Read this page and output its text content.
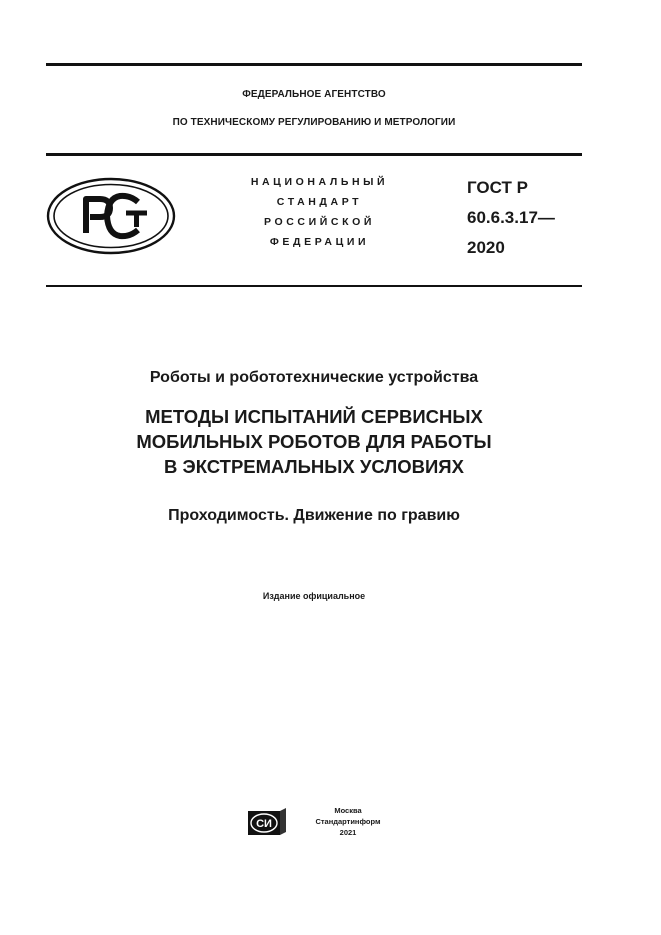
ФЕДЕРАЛЬНОЕ АГЕНТСТВО
ПО ТЕХНИЧЕСКОМУ РЕГУЛИРОВАНИЮ И МЕТРОЛОГИИ
НАЦИОНАЛЬНЫЙ
СТАНДАРТ
РОССИЙСКОЙ
ФЕДЕРАЦИИ
ГОСТ Р
60.6.3.17—
2020
Роботы и робототехнические устройства
МЕТОДЫ ИСПЫТАНИЙ СЕРВИСНЫХ
МОБИЛЬНЫХ РОБОТОВ ДЛЯ РАБОТЫ
В ЭКСТРЕМАЛЬНЫХ УСЛОВИЯХ
Проходимость. Движение по гравию
Издание официальное
СИ
Москва
Стандартинформ
2021
